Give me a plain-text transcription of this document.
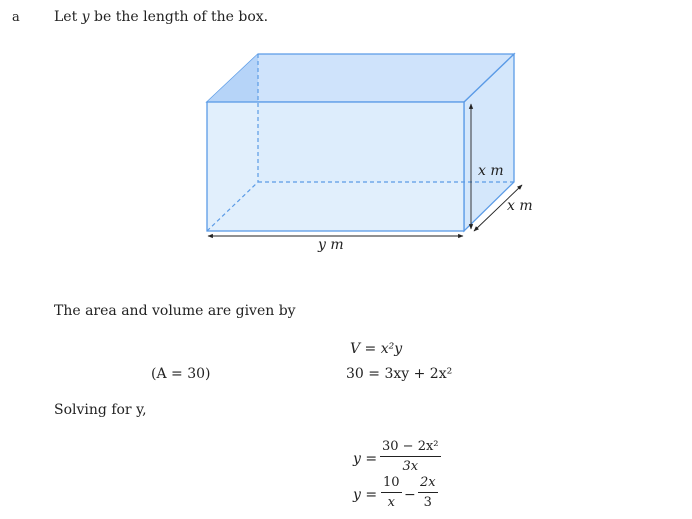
a Let y be the length of the box.
y m
x m
x m
The area and volume are given by
V = x²y
(A = 30)	30 = 3xy + 2x²
Solving for y,
$y = \frac{\text{30 − 2x²}}{3x}$
$y = \frac{10}{x} - \frac{2x}{3}$
